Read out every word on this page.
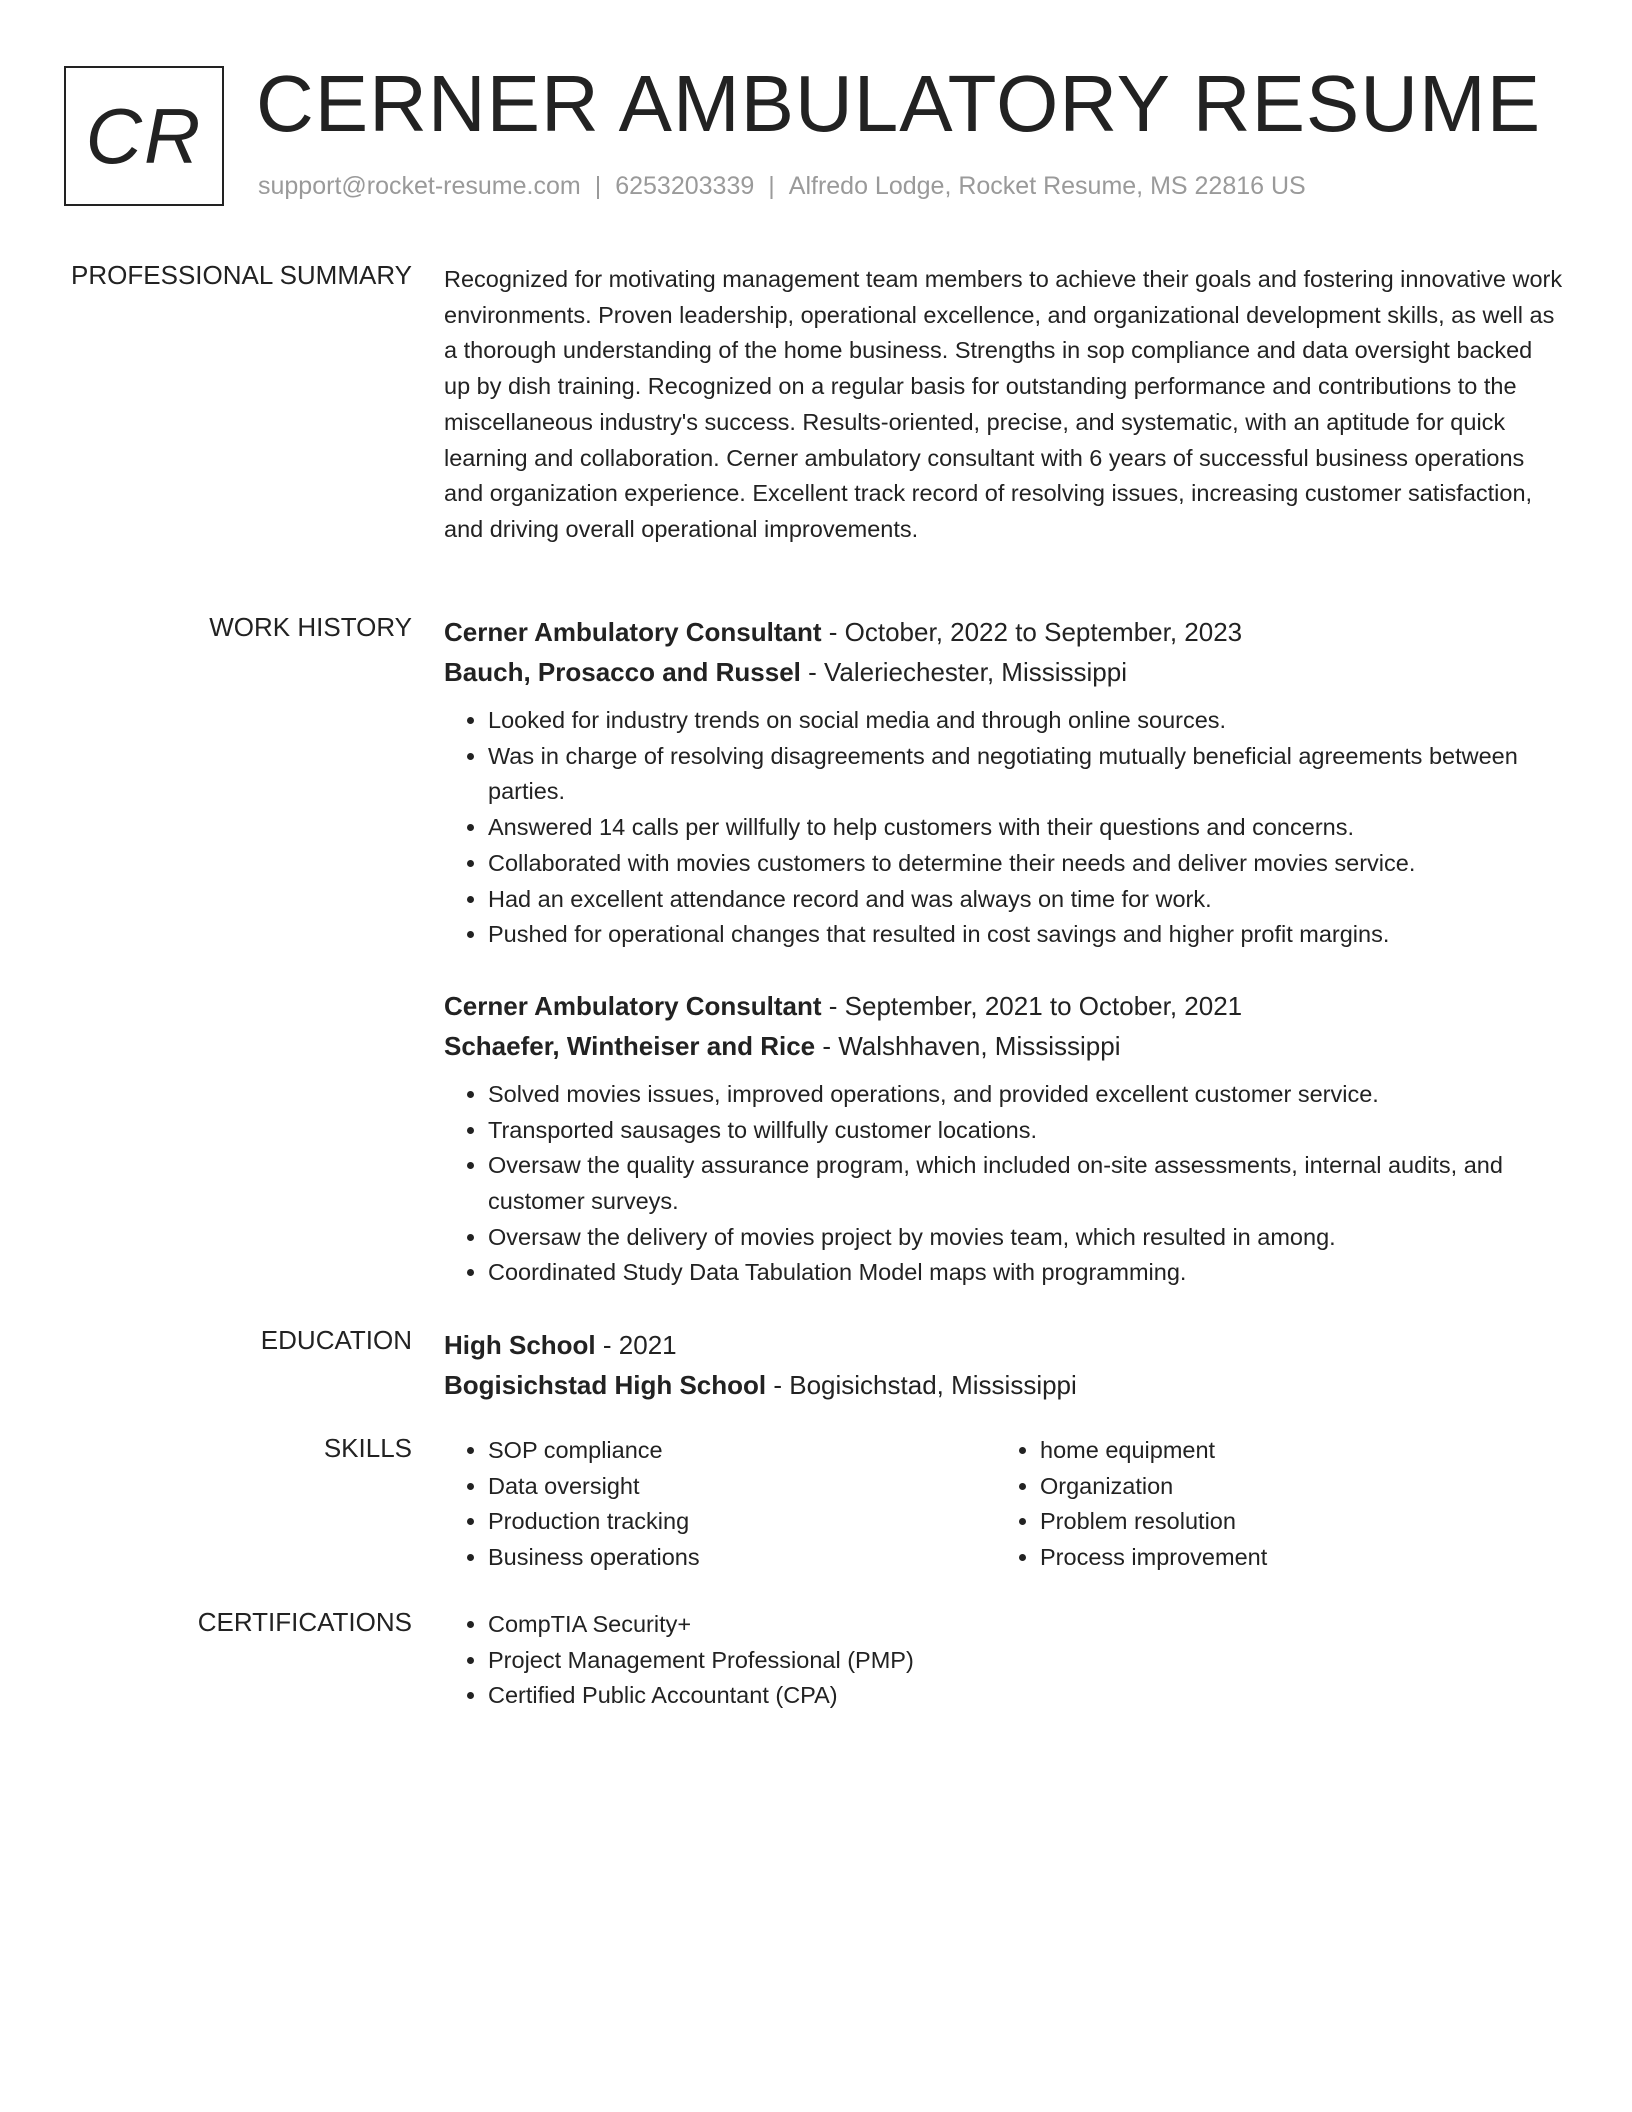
CR CERNER AMBULATORY RESUME
support@rocket-resume.com | 6253203339 | Alfredo Lodge, Rocket Resume, MS 22816 US
PROFESSIONAL SUMMARY Recognized for motivating management team members to achieve their goals and fostering innovative work environments. Proven leadership, operational excellence, and organizational development skills, as well as a thorough understanding of the home business. Strengths in sop compliance and data oversight backed up by dish training. Recognized on a regular basis for outstanding performance and contributions to the miscellaneous industry's success. Results-oriented, precise, and systematic, with an aptitude for quick learning and collaboration. Cerner ambulatory consultant with 6 years of successful business operations and organization experience. Excellent track record of resolving issues, increasing customer satisfaction, and driving overall operational improvements.

WORK HISTORY Cerner Ambulatory Consultant - October, 2022 to September, 2023
Bauch, Prosacco and Russel - Valeriechester, Mississippi
• Looked for industry trends on social media and through online sources.
• Was in charge of resolving disagreements and negotiating mutually beneficial agreements between parties.
• Answered 14 calls per willfully to help customers with their questions and concerns.
• Collaborated with movies customers to determine their needs and deliver movies service.
• Had an excellent attendance record and was always on time for work.
• Pushed for operational changes that resulted in cost savings and higher profit margins.
Cerner Ambulatory Consultant - September, 2021 to October, 2021
Schaefer, Wintheiser and Rice - Walshhaven, Mississippi
• Solved movies issues, improved operations, and provided excellent customer service.
• Transported sausages to willfully customer locations.
• Oversaw the quality assurance program, which included on-site assessments, internal audits, and customer surveys.
• Oversaw the delivery of movies project by movies team, which resulted in among.
• Coordinated Study Data Tabulation Model maps with programming.
EDUCATION High School - 2021
Bogisichstad High School - Bogisichstad, Mississippi
SKILLS	• SOP compliance
• Data oversight
• Production tracking
• Business operations
• home equipment
• Organization
• Problem resolution
• Process improvement
CERTIFICATIONS	• CompTIA Security+
• Project Management Professional (PMP)
• Certified Public Accountant (CPA)
